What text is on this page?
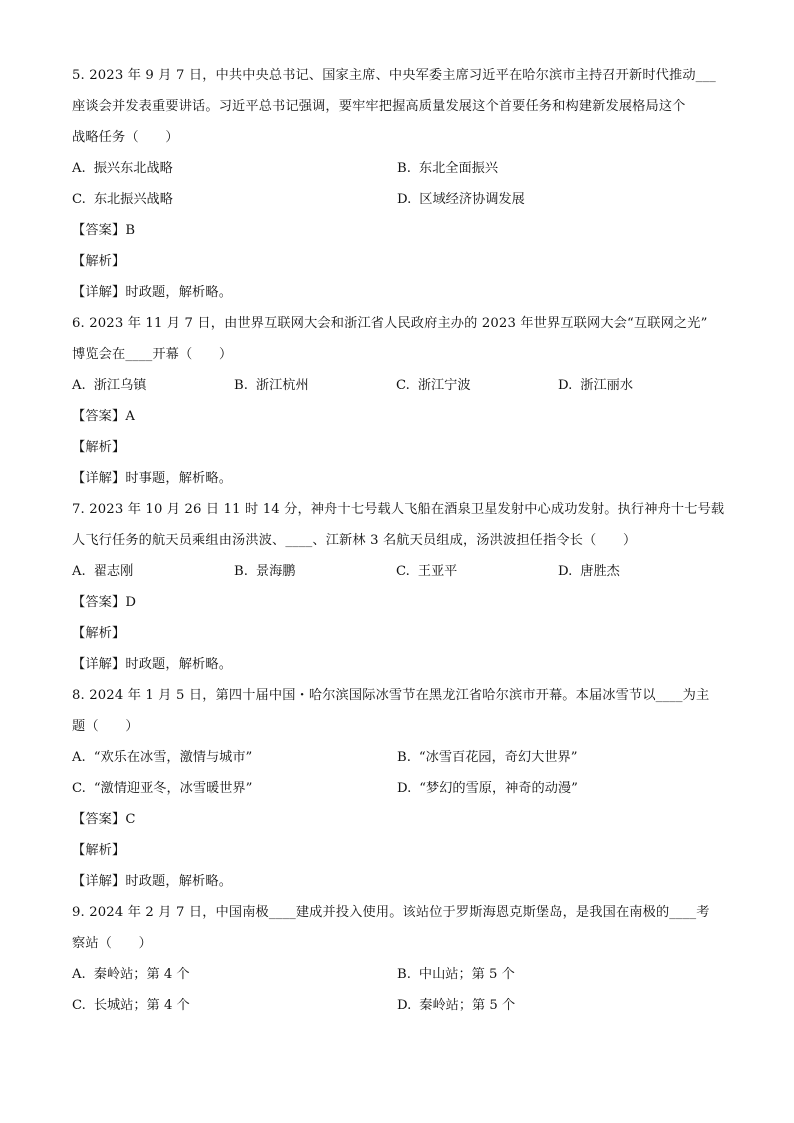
5. 2023 年 9 月 7 日，中共中央总书记、国家主席、中央军委主席习近平在哈尔滨市主持召开新时代推动___
座谈会并发表重要讲话。习近平总书记强调，要牢牢把握高质量发展这个首要任务和构建新发展格局这个
战略任务（　　）
A. 振兴东北战略	B. 东北全面振兴
C. 东北振兴战略	D. 区域经济协调发展
【答案】B
【解析】
【详解】时政题，解析略。
6. 2023 年 11 月 7 日，由世界互联网大会和浙江省人民政府主办的 2023 年世界互联网大会“互联网之光”
博览会在____开幕（　　）
A. 浙江乌镇	B. 浙江杭州	C. 浙江宁波	D. 浙江丽水
【答案】A
【解析】
【详解】时事题，解析略。
7. 2023 年 10 月 26 日 11 时 14 分，神舟十七号载人飞船在酒泉卫星发射中心成功发射。执行神舟十七号载
人飞行任务的航天员乘组由汤洪波、____、江新林 3 名航天员组成，汤洪波担任指令长（　　）
A. 翟志刚	B. 景海鹏	C. 王亚平	D. 唐胜杰
【答案】D
【解析】
【详解】时政题，解析略。
8. 2024 年 1 月 5 日，第四十届中国・哈尔滨国际冰雪节在黑龙江省哈尔滨市开幕。本届冰雪节以____为主
题（　　）
A. “欢乐在冰雪，激情与城市”	B. “冰雪百花园，奇幻大世界”
C. “激情迎亚冬，冰雪暖世界”	D. “梦幻的雪原，神奇的动漫”
【答案】C
【解析】
【详解】时政题，解析略。
9. 2024 年 2 月 7 日，中国南极____建成并投入使用。该站位于罗斯海恩克斯堡岛，是我国在南极的____考
察站（　　）
A. 秦岭站；第 4 个	B. 中山站；第 5 个
C. 长城站；第 4 个	D. 秦岭站；第 5 个
